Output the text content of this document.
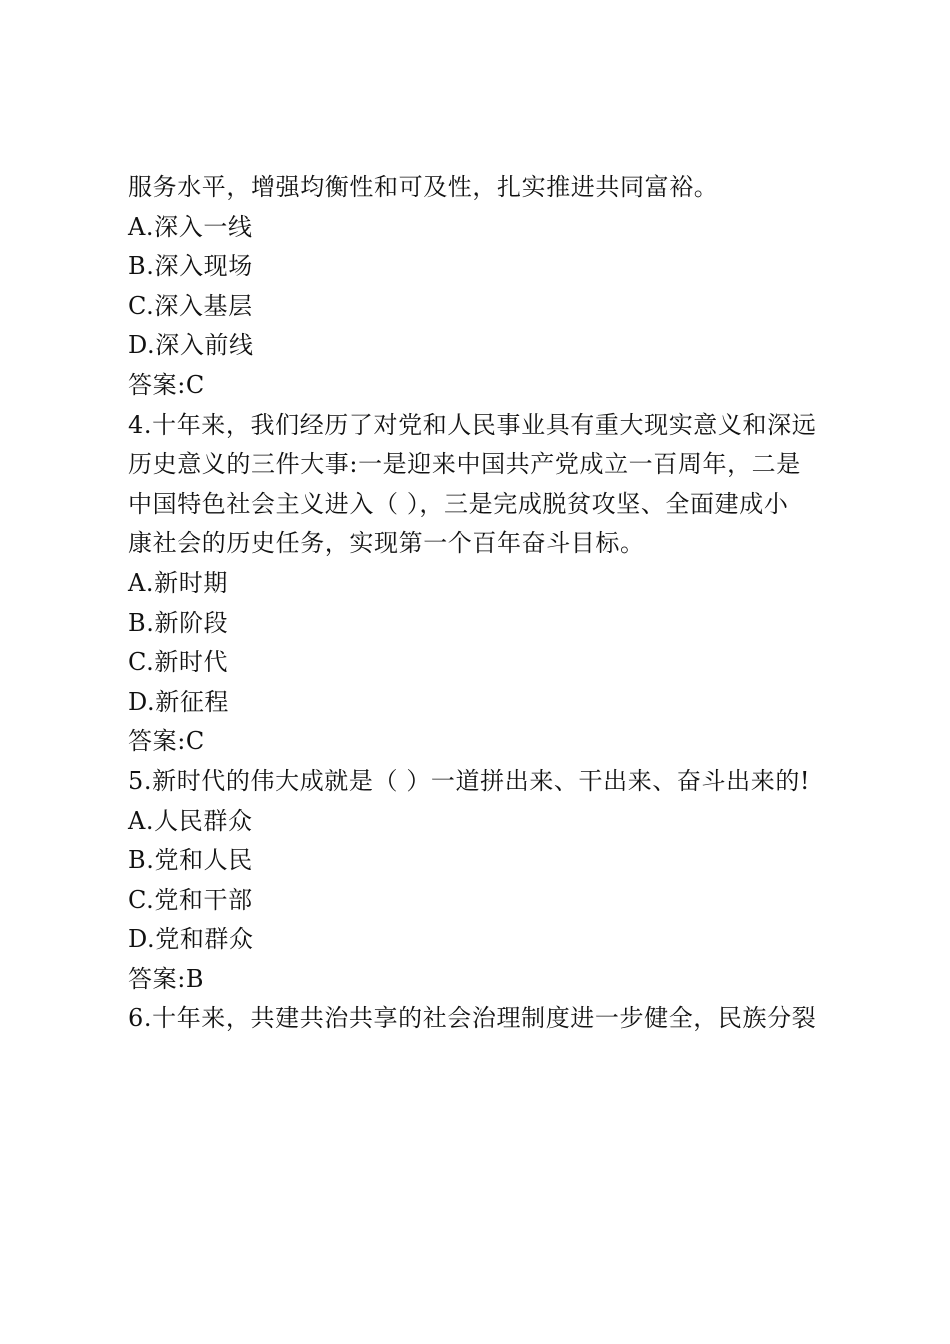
服务水平，增强均衡性和可及性，扎实推进共同富裕。
A.深入一线
B.深入现场
C.深入基层
D.深入前线
答案:C
4.十年来，我们经历了对党和人民事业具有重大现实意义和深远
历史意义的三件大事:一是迎来中国共产党成立一百周年，二是
中国特色社会主义进入（ ），三是完成脱贫攻坚、全面建成小
康社会的历史任务，实现第一个百年奋斗目标。
A.新时期
B.新阶段
C.新时代
D.新征程
答案:C
5.新时代的伟大成就是（ ）一道拼出来、干出来、奋斗出来的!
A.人民群众
B.党和人民
C.党和干部
D.党和群众
答案:B
6.十年来，共建共治共享的社会治理制度进一步健全，民族分裂
